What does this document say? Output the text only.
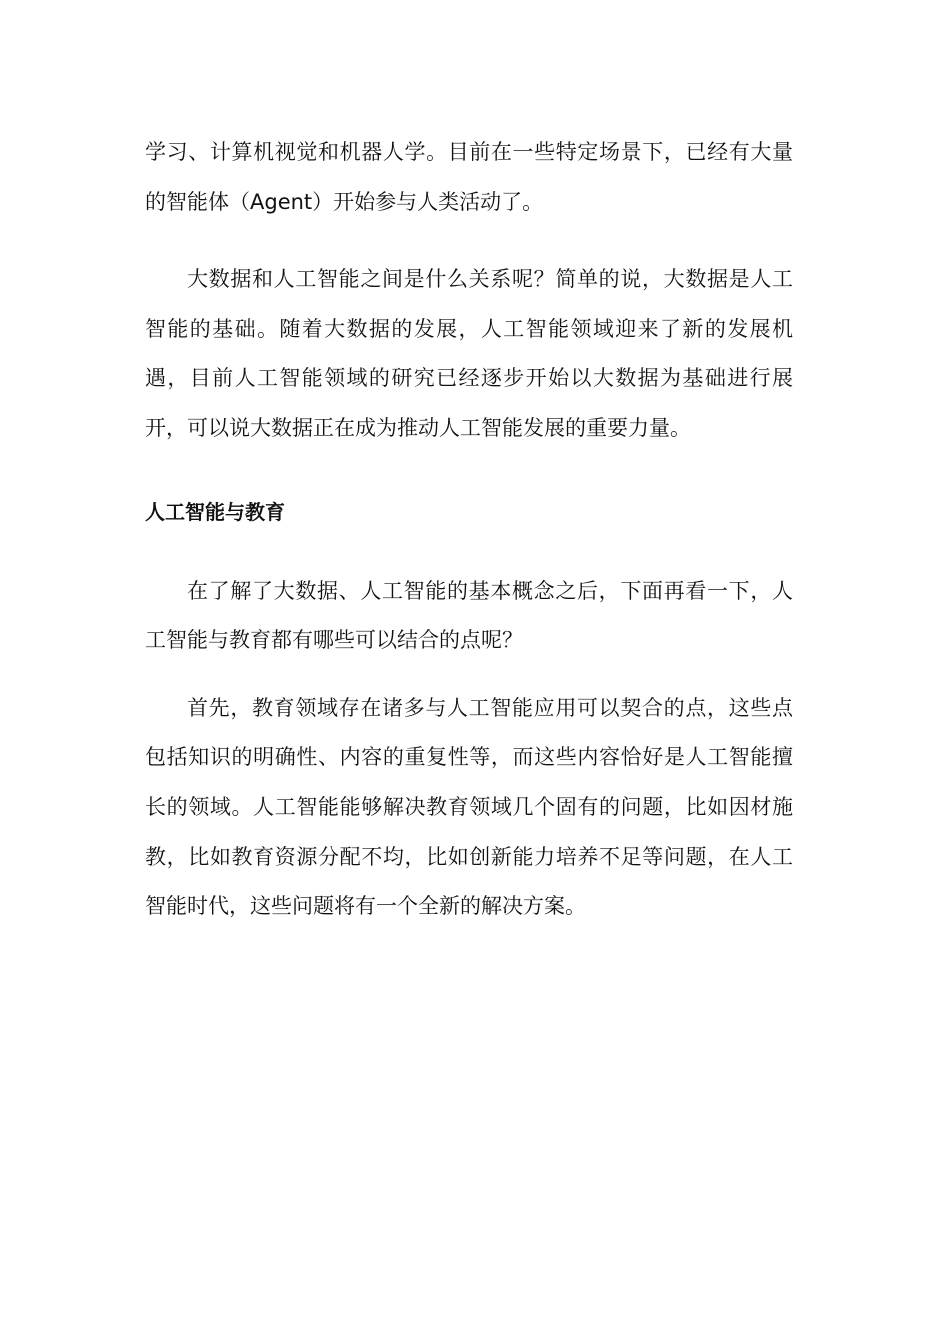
学习、计算机视觉和机器人学。目前在一些特定场景下，已经有大量的智能体（Agent）开始参与人类活动了。

大数据和人工智能之间是什么关系呢？简单的说，大数据是人工智能的基础。随着大数据的发展，人工智能领域迎来了新的发展机遇，目前人工智能领域的研究已经逐步开始以大数据为基础进行展开，可以说大数据正在成为推动人工智能发展的重要力量。

人工智能与教育

在了解了大数据、人工智能的基本概念之后，下面再看一下，人工智能与教育都有哪些可以结合的点呢？

首先，教育领域存在诸多与人工智能应用可以契合的点，这些点包括知识的明确性、内容的重复性等，而这些内容恰好是人工智能擅长的领域。人工智能能够解决教育领域几个固有的问题，比如因材施教，比如教育资源分配不均，比如创新能力培养不足等问题，在人工智能时代，这些问题将有一个全新的解决方案。
